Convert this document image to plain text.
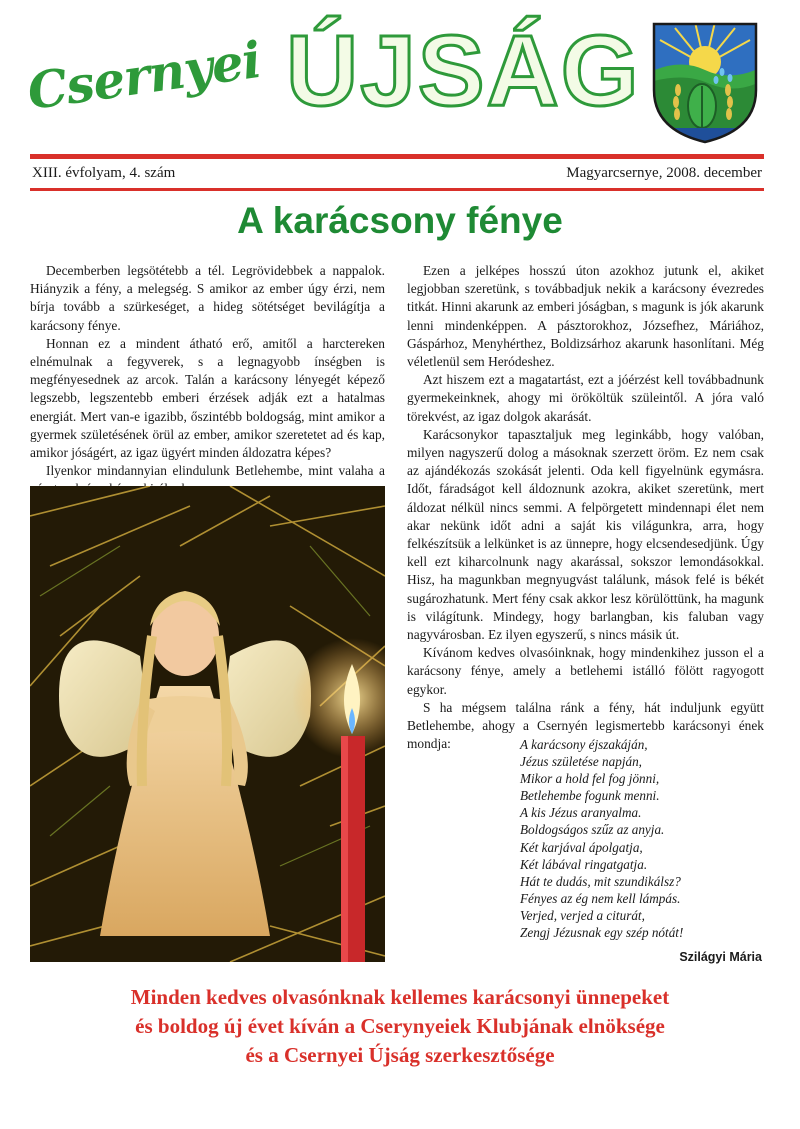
Csernyei ÚJSÁG
XIII. évfolyam, 4. szám	Magyarcsernye, 2008. december
A karácsony fénye

Decemberben legsötétebb a tél. Legrövidebbek a nappalok. Hiányzik a fény, a melegség. S amikor az ember úgy érzi, nem bírja tovább a szürkeséget, a hideg sötétséget bevilágítja a karácsony fénye.

Honnan ez a mindent átható erő, amitől a harctereken elnémulnak a fegyverek, s a legnagyobb ínségben is megfényesednek az arcok. Talán a karácsony lényegét képező legszebb, legszentebb emberi érzések adják ezt a hatalmas energiát. Mert van-e igazibb, őszintébb boldogság, mint amikor a gyermek születésének örül az ember, amikor szeretetet ad és kap, amikor jóságért, az igaz ügyért minden áldozatra képes?

Ilyenkor mindannyian elindulunk Betlehembe, mint valaha a

Ezen a jelképes hosszú úton azokhoz jutunk el, akiket legjobban szeretünk, s továbbadjuk nekik a karácsony évezredes titkát. Hinni akarunk az emberi jóságban, s magunk is jók akarunk lenni mindenképpen. A pásztorokhoz, Józsefhez, Máriához, Gáspárhoz, Menyhérthez, Boldizsárhoz akarunk hasonlítani. Még véletlenül sem Heródeshez.

Azt hiszem ezt a magatartást, ezt a jóérzést kell továbbadnunk gyermekeinknek, ahogy mi örököltük szüleintől. A jóra való törekvést, az igaz dolgok akarását.

Karácsonykor tapasztaljuk meg leginkább, hogy valóban, milyen nagyszerű dolog a másoknak szerzett öröm. Ez nem csak az ajándékozás szokását jelenti. Oda kell figyelnünk egymásra. Időt, fáradságot kell áldoznunk azokra, akiket szeretünk, mert áldozat nélkül nincs semmi. A felpörgetett mindennapi élet nem akar nekünk időt adni a saját kis világunkra, arra, hogy felkészítsük a lelkünket is az ünnepre, hogy elcsendesedjünk. Úgy kell ezt kiharcolnunk nagy akarással, sokszor lemondásokkal. Hisz, ha magunkban megnyugvást találunk, mások felé is békét sugározhatunk. Mert fény csak akkor lesz körülöttünk, ha magunk is világítunk. Mindegy, hogy barlangban, kis faluban vagy nagyvárosban. Ez ilyen egyszerű, s nincs másik út.

Kívánom kedves olvasóinknak, hogy mindenkihez jusson el a karácsony fénye, amely a betlehemi istálló fölött ragyogott egykor.

S ha mégsem találna ránk a fény, hát induljunk együtt Betlehembe, ahogy a Csernyén legismertebb karácsonyi ének mondja:	A karácsony éjszakáján,
Jézus születése napján,
Mikor a hold fel fog jönni,
Betlehembe fogunk menni.
A kis Jézus aranyalma.
Boldogságos szűz az anyja.
Két karjával ápolgatja,
Két lábával ringatgatja.
Hát te dudás, mit szundikálsz?
Fényes az ég nem kell lámpás.
Verjed, verjed a citurát,
Zengj Jézusnak egy szép nótát!
Szilágyi Mária
Minden kedves olvasónknak kellemes karácsonyi ünnepeket
és boldog új évet kíván a Cserynyeiek Klubjának elnöksége
és a Csernyei Újság szerkesztősége
